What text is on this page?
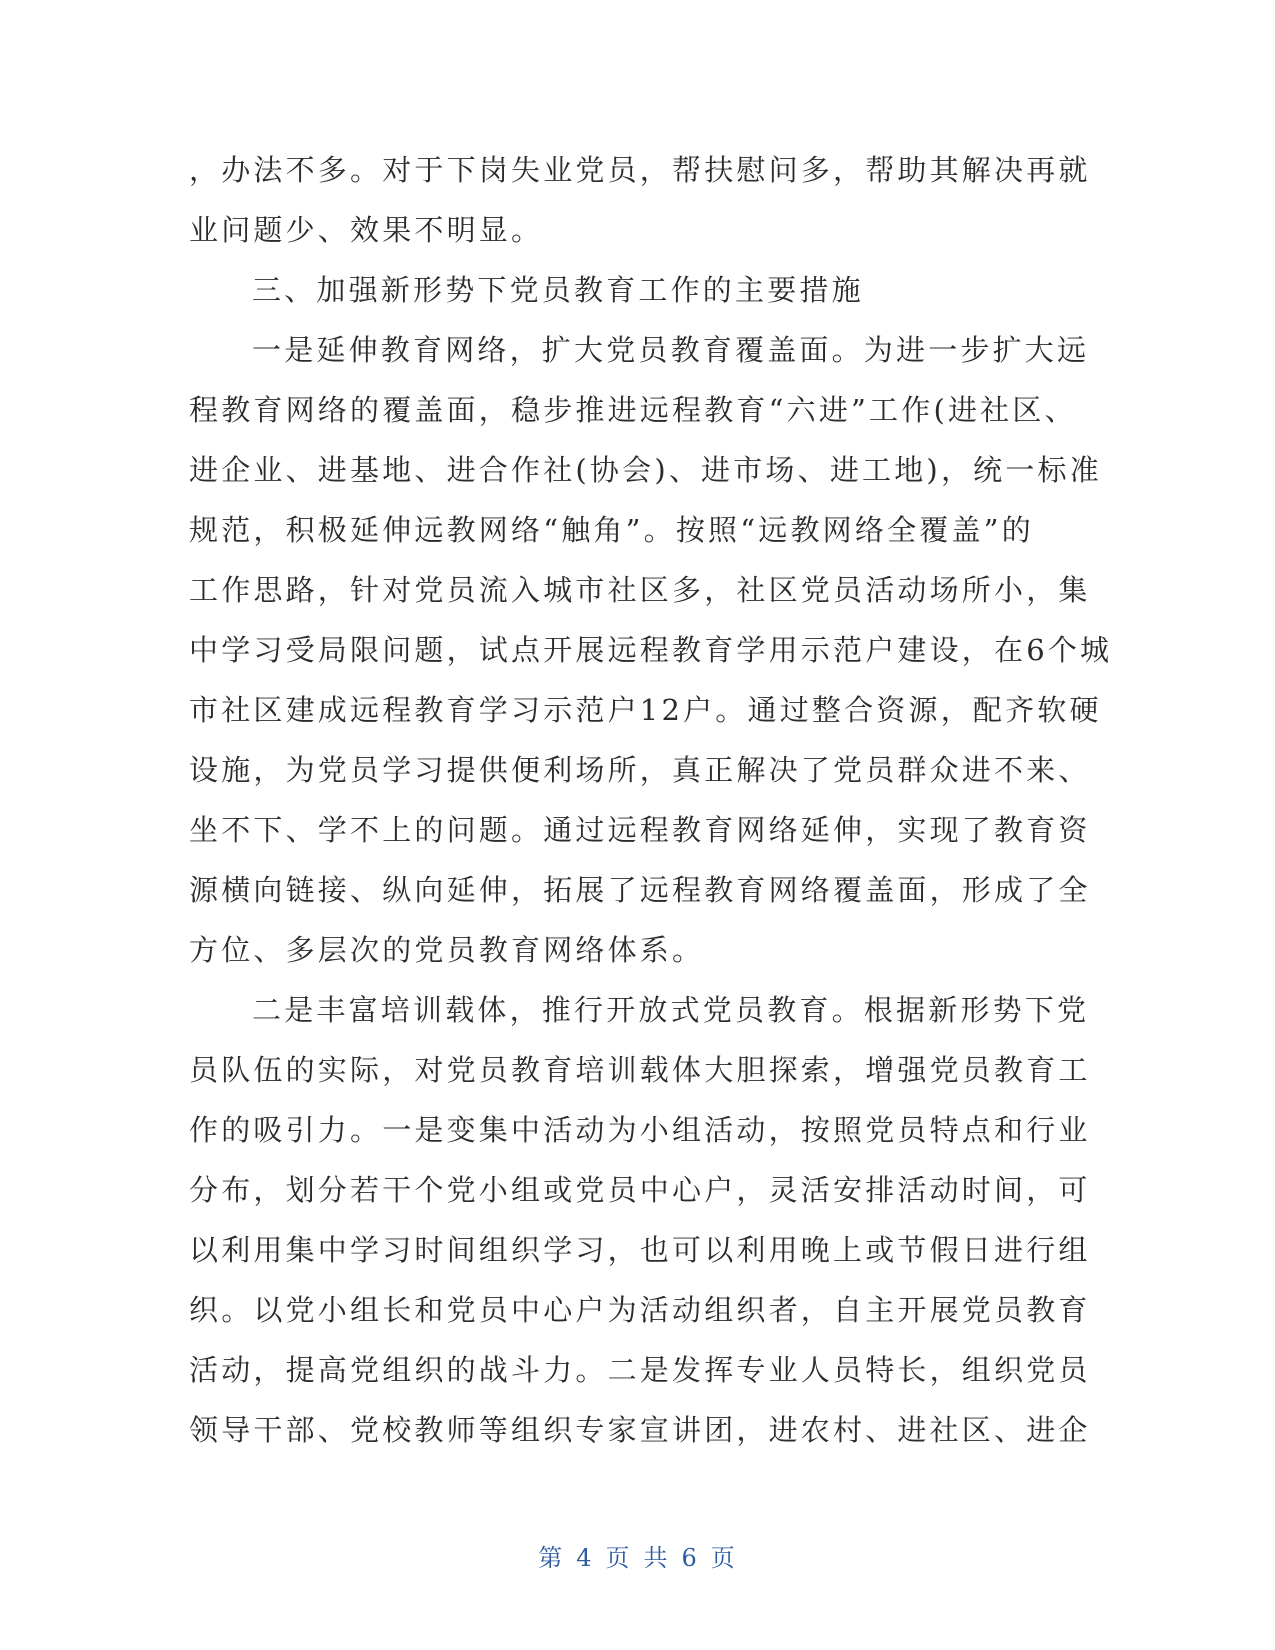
，办法不多。对于下岗失业党员，帮扶慰问多，帮助其解决再就
业问题少、效果不明显。
三、加强新形势下党员教育工作的主要措施
一是延伸教育网络，扩大党员教育覆盖面。为进一步扩大远
程教育网络的覆盖面，稳步推进远程教育“六进”工作(进社区、
进企业、进基地、进合作社(协会)、进市场、进工地)，统一标准
规范，积极延伸远教网络“触角”。按照“远教网络全覆盖”的
工作思路，针对党员流入城市社区多，社区党员活动场所小，集
中学习受局限问题，试点开展远程教育学用示范户建设，在6个城
市社区建成远程教育学习示范户12户。通过整合资源，配齐软硬
设施，为党员学习提供便利场所，真正解决了党员群众进不来、
坐不下、学不上的问题。通过远程教育网络延伸，实现了教育资
源横向链接、纵向延伸，拓展了远程教育网络覆盖面，形成了全
方位、多层次的党员教育网络体系。
二是丰富培训载体，推行开放式党员教育。根据新形势下党
员队伍的实际，对党员教育培训载体大胆探索，增强党员教育工
作的吸引力。一是变集中活动为小组活动，按照党员特点和行业
分布，划分若干个党小组或党员中心户，灵活安排活动时间，可
以利用集中学习时间组织学习，也可以利用晚上或节假日进行组
织。以党小组长和党员中心户为活动组织者，自主开展党员教育
活动，提高党组织的战斗力。二是发挥专业人员特长，组织党员
领导干部、党校教师等组织专家宣讲团，进农村、进社区、进企
第 4 页 共 6 页
